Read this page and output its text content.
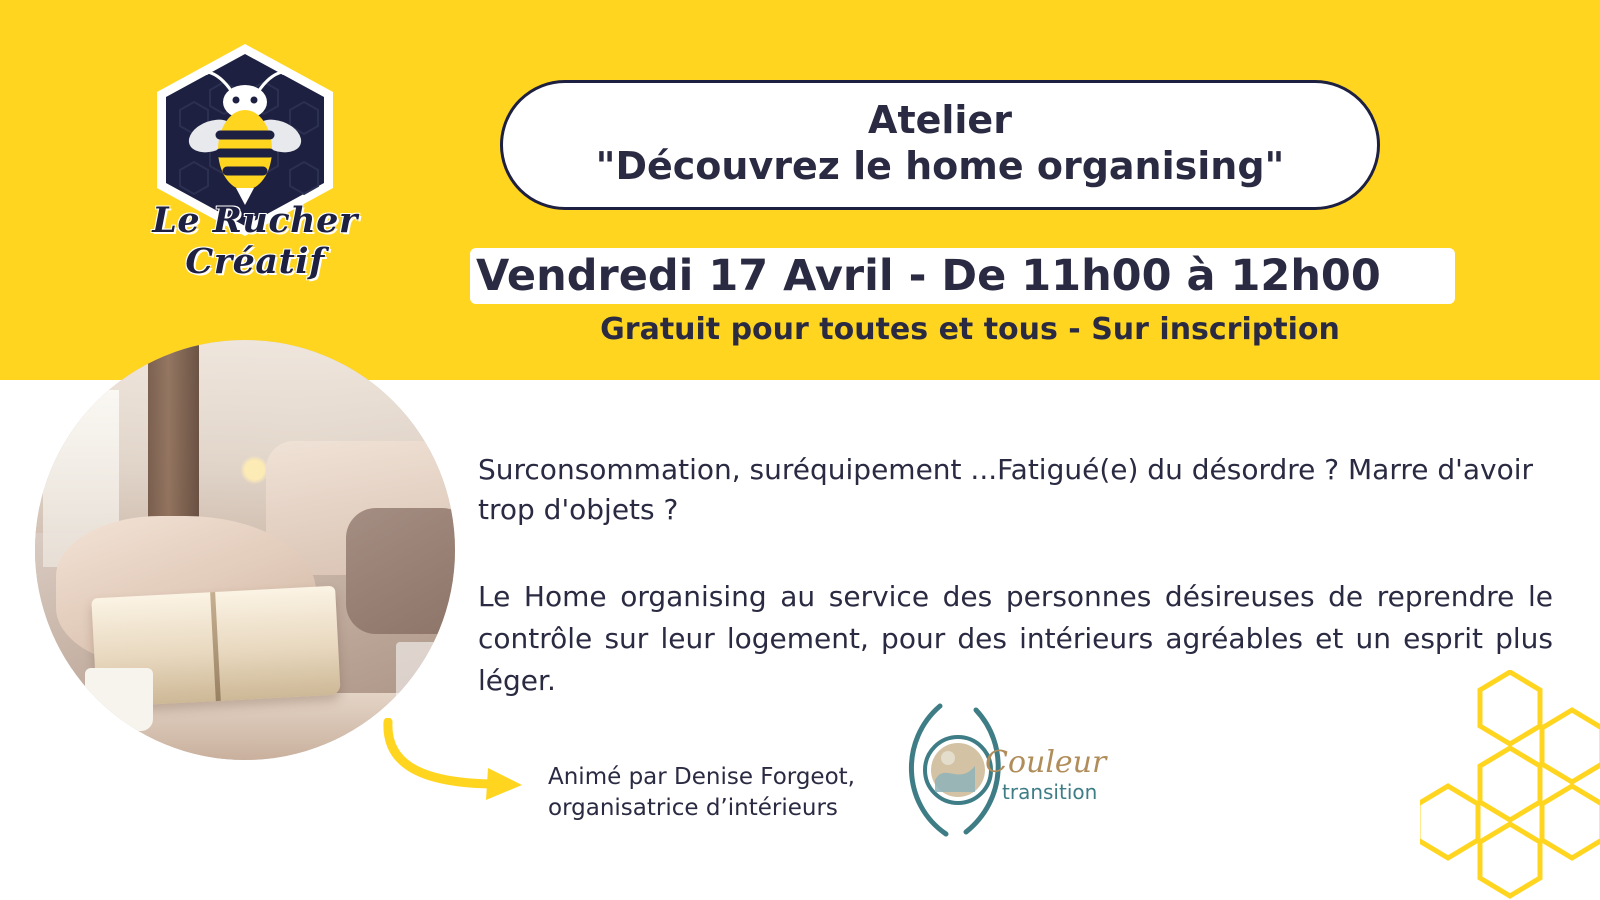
Le Rucher Créatif
Atelier
"Découvrez le home organising"
Vendredi 17 Avril - De 11h00 à 12h00
Gratuit pour toutes et tous - Sur inscription

Surconsommation, suréquipement ...Fatigué(e) du désordre ? Marre d'avoir trop d'objets ?

Le Home organising au service des personnes désireuses de reprendre le contrôle sur leur logement, pour des intérieurs agréables et un esprit plus léger.

Animé par Denise Forgeot,
organisatrice d’intérieurs
Couleur
transition
